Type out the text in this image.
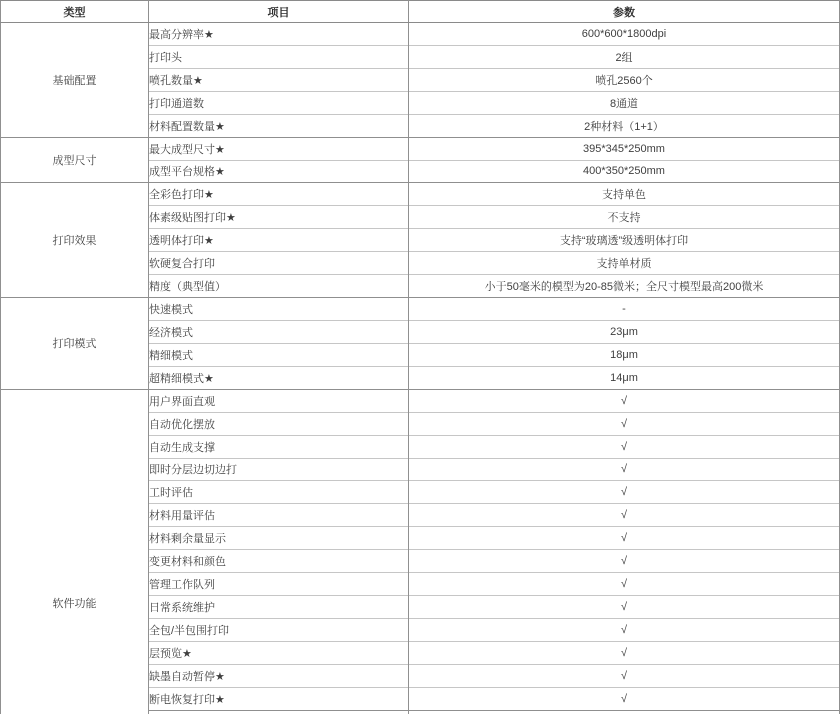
类型	项目	参数
基础配置	最高分辨率★	600*600*1800dpi
	打印头	2组
	喷孔数量★	喷孔2560个
	打印通道数	8通道
	材料配置数量★	2种材料（1+1）
成型尺寸	最大成型尺寸★	395*345*250mm
	成型平台规格★	400*350*250mm
打印效果	全彩色打印★	支持单色
	体素级贴图打印★	不支持
	透明体打印★	支持“玻璃透”级透明体打印
	软硬复合打印	支持单材质
	精度（典型值）	小于50毫米的模型为20-85微米；全尺寸模型最高200微米
打印模式	快速模式	-
	经济模式	23μm
	精细模式	18μm
	超精细模式★	14μm
软件功能	用户界面直观	√
	自动优化摆放	√
	自动生成支撑	√
	即时分层边切边打	√
	工时评估	√
	材料用量评估	√
	材料剩余量显示	√
	变更材料和颜色	√
	管理工作队列	√
	日常系统维护	√
	全包/半包围打印	√
	层预览★	√
	缺墨自动暂停★	√
	断电恢复打印★	√
